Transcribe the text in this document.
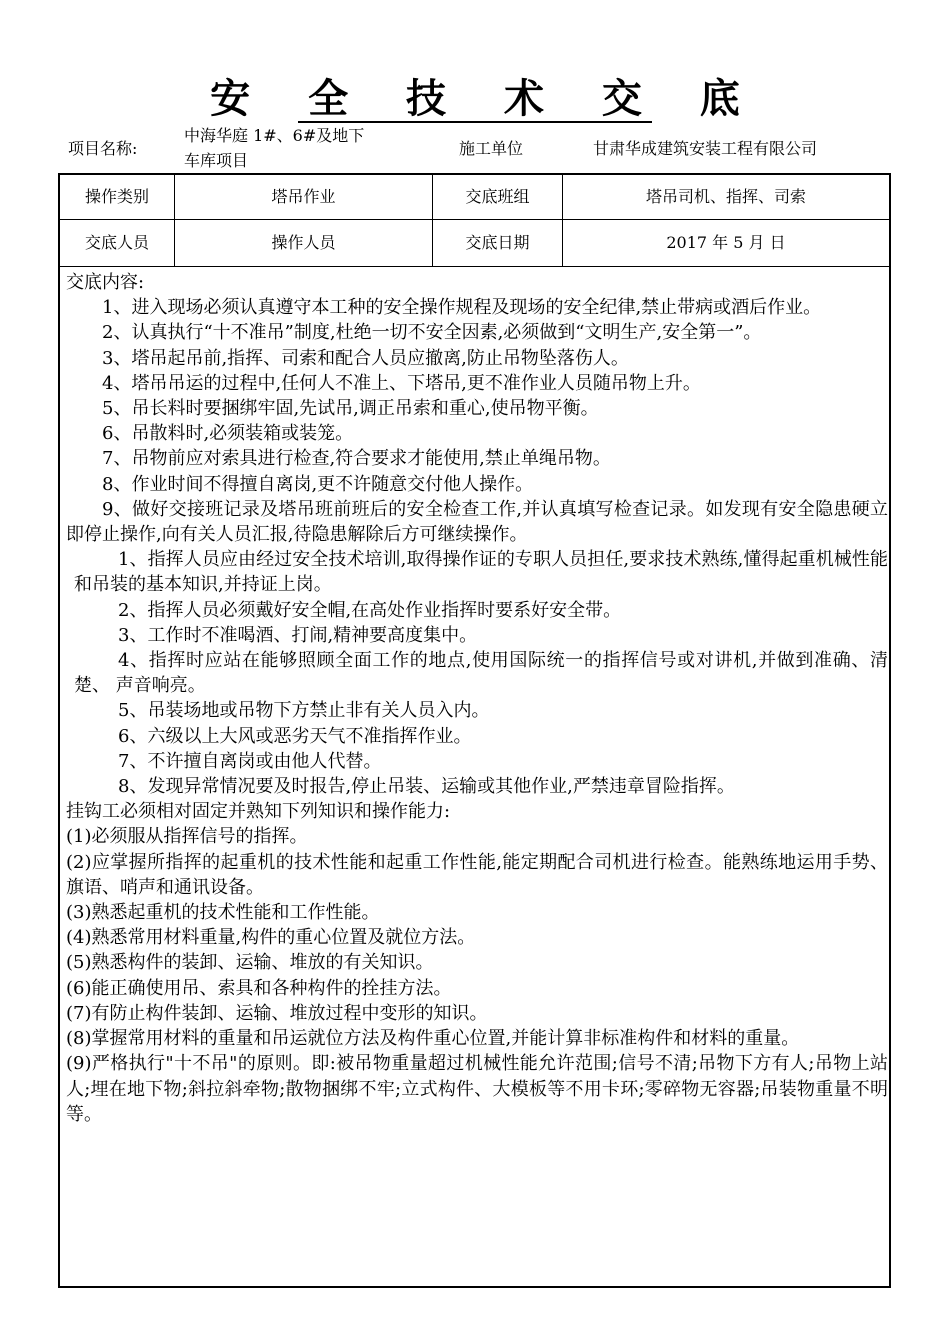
安 全 技 术 交 底
项目名称:
中海华庭 1#、6#及地下
车库项目
施工单位	甘肃华成建筑安装工程有限公司
操作类别	塔吊作业	交底班组	塔吊司机、指挥、司索
交底人员	操作人员	交底日期	2017 年 5 月 日

交底内容:

1、进入现场必须认真遵守本工种的安全操作规程及现场的安全纪律,禁止带病或酒后作业。

2、认真执行“十不准吊”制度,杜绝一切不安全因素,必须做到“文明生产,安全第一”。

3、塔吊起吊前,指挥、司索和配合人员应撤离,防止吊物坠落伤人。

4、塔吊吊运的过程中,任何人不准上、下塔吊,更不准作业人员随吊物上升。

5、吊长料时要捆绑牢固,先试吊,调正吊索和重心,使吊物平衡。

6、吊散料时,必须装箱或装笼。

7、吊物前应对索具进行检查,符合要求才能使用,禁止单绳吊物。

8、作业时间不得擅自离岗,更不许随意交付他人操作。

9、做好交接班记录及塔吊班前班后的安全检查工作,并认真填写检查记录。如发现有安全隐患硬立即停止操作,向有关人员汇报,待隐患解除后方可继续操作。

1、指挥人员应由经过安全技术培训,取得操作证的专职人员担任,要求技术熟练,懂得起重机械性能和吊装的基本知识,并持证上岗。

2、指挥人员必须戴好安全帽,在高处作业指挥时要系好安全带。

3、工作时不准喝酒、打闹,精神要高度集中。

4、指挥时应站在能够照顾全面工作的地点,使用国际统一的指挥信号或对讲机,并做到准确、清楚、 声音响亮。

5、吊装场地或吊物下方禁止非有关人员入内。

6、六级以上大风或恶劣天气不准指挥作业。

7、不许擅自离岗或由他人代替。

8、发现异常情况要及时报告,停止吊装、运输或其他作业,严禁违章冒险指挥。

挂钩工必须相对固定并熟知下列知识和操作能力:

(1)必须服从指挥信号的指挥。

(2)应掌握所指挥的起重机的技术性能和起重工作性能,能定期配合司机进行检查。能熟练地运用手势、旗语、哨声和通讯设备。

(3)熟悉起重机的技术性能和工作性能。

(4)熟悉常用材料重量,构件的重心位置及就位方法。

(5)熟悉构件的装卸、运输、堆放的有关知识。

(6)能正确使用吊、索具和各种构件的拴挂方法。

(7)有防止构件装卸、运输、堆放过程中变形的知识。

(8)掌握常用材料的重量和吊运就位方法及构件重心位置,并能计算非标准构件和材料的重量。

(9)严格执行"十不吊"的原则。即:被吊物重量超过机械性能允许范围;信号不清;吊物下方有人;吊物上站人;埋在地下物;斜拉斜牵物;散物捆绑不牢;立式构件、大模板等不用卡环;零碎物无容器;吊装物重量不明等。
